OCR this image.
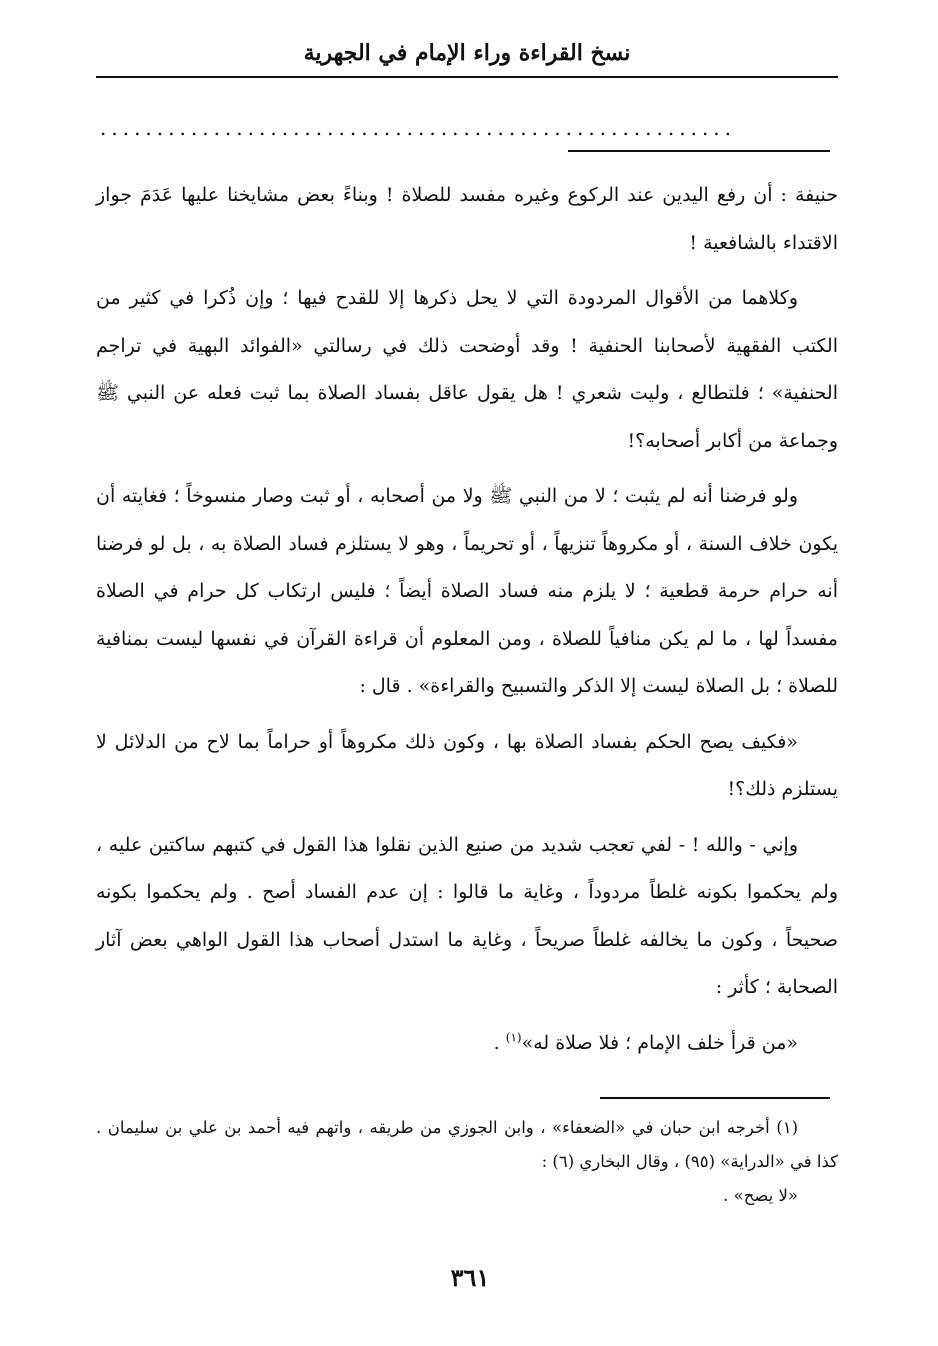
نسخ القراءة وراء الإمام في الجهرية
........................................................

حنيفة : أن رفع اليدين عند الركوع وغيره مفسد للصلاة ! وبناءً بعض مشايخنا عليها عَدَمَ جواز الاقتداء بالشافعية !

وكلاهما من الأقوال المردودة التي لا يحل ذكرها إلا للقدح فيها ؛ وإن ذُكرا في كثير من الكتب الفقهية لأصحابنا الحنفية ! وقد أوضحت ذلك في رسالتي «الفوائد البهية في تراجم الحنفية» ؛ فلتطالع ، وليت شعري ! هل يقول عاقل بفساد الصلاة بما ثبت فعله عن النبي ﷺ وجماعة من أكابر أصحابه؟!

ولو فرضنا أنه لم يثبت ؛ لا من النبي ﷺ ولا من أصحابه ، أو ثبت وصار منسوخاً ؛ فغايته أن يكون خلاف السنة ، أو مكروهاً تنزيهاً ، أو تحريماً ، وهو لا يستلزم فساد الصلاة به ، بل لو فرضنا أنه حرام حرمة قطعية ؛ لا يلزم منه فساد الصلاة أيضاً ؛ فليس ارتكاب كل حرام في الصلاة مفسداً لها ، ما لم يكن منافياً للصلاة ، ومن المعلوم أن قراءة القرآن في نفسها ليست بمنافية للصلاة ؛ بل الصلاة ليست إلا الذكر والتسبيح والقراءة» . قال :

«فكيف يصح الحكم بفساد الصلاة بها ، وكون ذلك مكروهاً أو حراماً بما لاح من الدلائل لا يستلزم ذلك؟!

وإني - والله ! - لفي تعجب شديد من صنيع الذين نقلوا هذا القول في كتبهم ساكتين عليه ، ولم يحكموا بكونه غلطاً مردوداً ، وغاية ما قالوا : إن عدم الفساد أصح . ولم يحكموا بكونه صحيحاً ، وكون ما يخالفه غلطاً صريحاً ، وغاية ما استدل أصحاب هذا القول الواهي بعض آثار الصحابة ؛ كأثر :

«من قرأ خلف الإمام ؛ فلا صلاة له»$^{(١)}$ .

(١) أخرجه ابن حبان في «الضعفاء» ، وابن الجوزي من طريقه ، واتهم فيه أحمد بن علي بن سليمان . كذا في «الدراية» (٩٥) ، وقال البخاري (٦) :

«لا يصح» .

٣٦١
